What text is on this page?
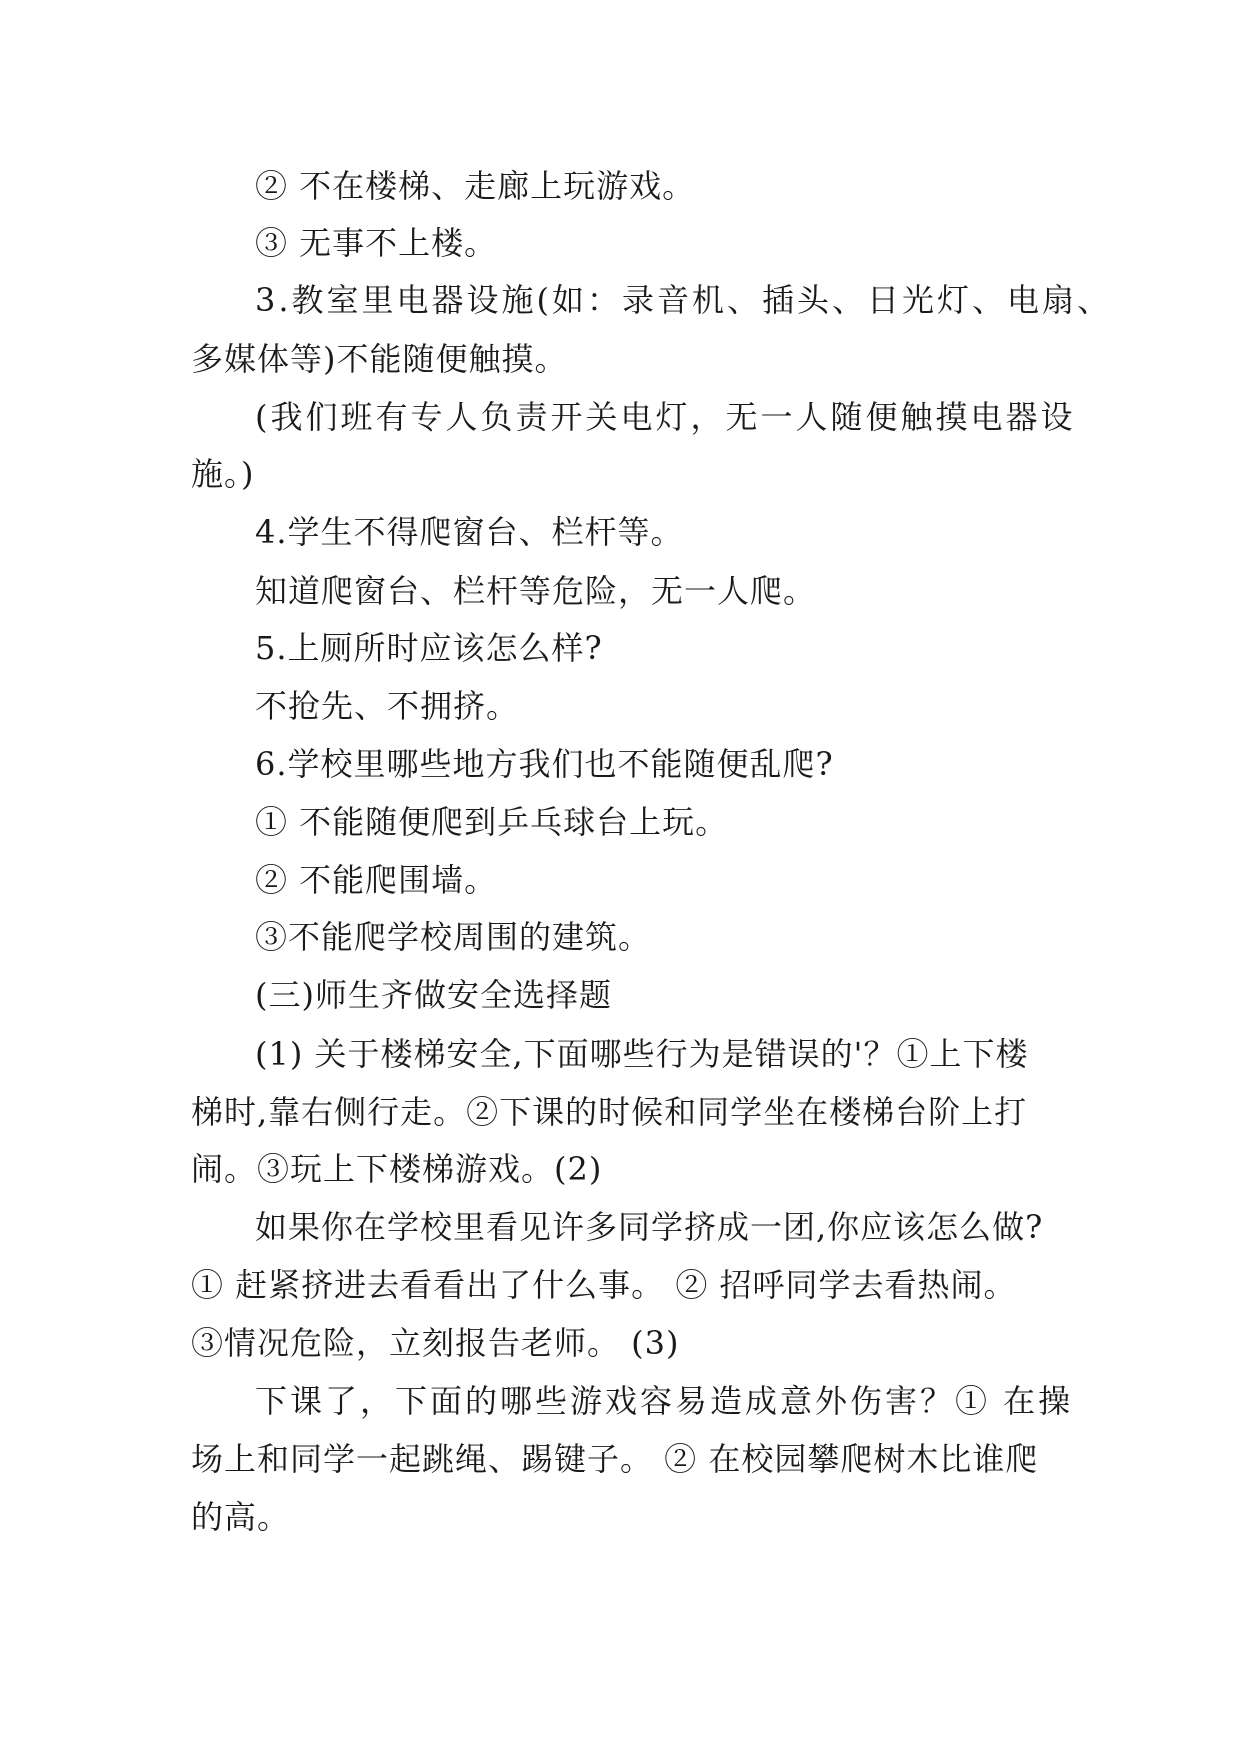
② 不在楼梯、走廊上玩游戏。
③ 无事不上楼。
3.教室里电器设施(如：录音机、插头、日光灯、电扇、
多媒体等)不能随便触摸。
(我们班有专人负责开关电灯，无一人随便触摸电器设
施。)
4.学生不得爬窗台、栏杆等。
知道爬窗台、栏杆等危险，无一人爬。
5.上厕所时应该怎么样?
不抢先、不拥挤。
6.学校里哪些地方我们也不能随便乱爬?
① 不能随便爬到乒乓球台上玩。
② 不能爬围墙。
③不能爬学校周围的建筑。
(三)师生齐做安全选择题
(1) 关于楼梯安全,下面哪些行为是错误的'？①上下楼
梯时,靠右侧行走。②下课的时候和同学坐在楼梯台阶上打
闹。③玩上下楼梯游戏。(2)
如果你在学校里看见许多同学挤成一团,你应该怎么做?
① 赶紧挤进去看看出了什么事。 ② 招呼同学去看热闹。
③情况危险，立刻报告老师。 (3)
下课了，下面的哪些游戏容易造成意外伤害？① 在操
场上和同学一起跳绳、踢键子。 ② 在校园攀爬树木比谁爬
的高。
